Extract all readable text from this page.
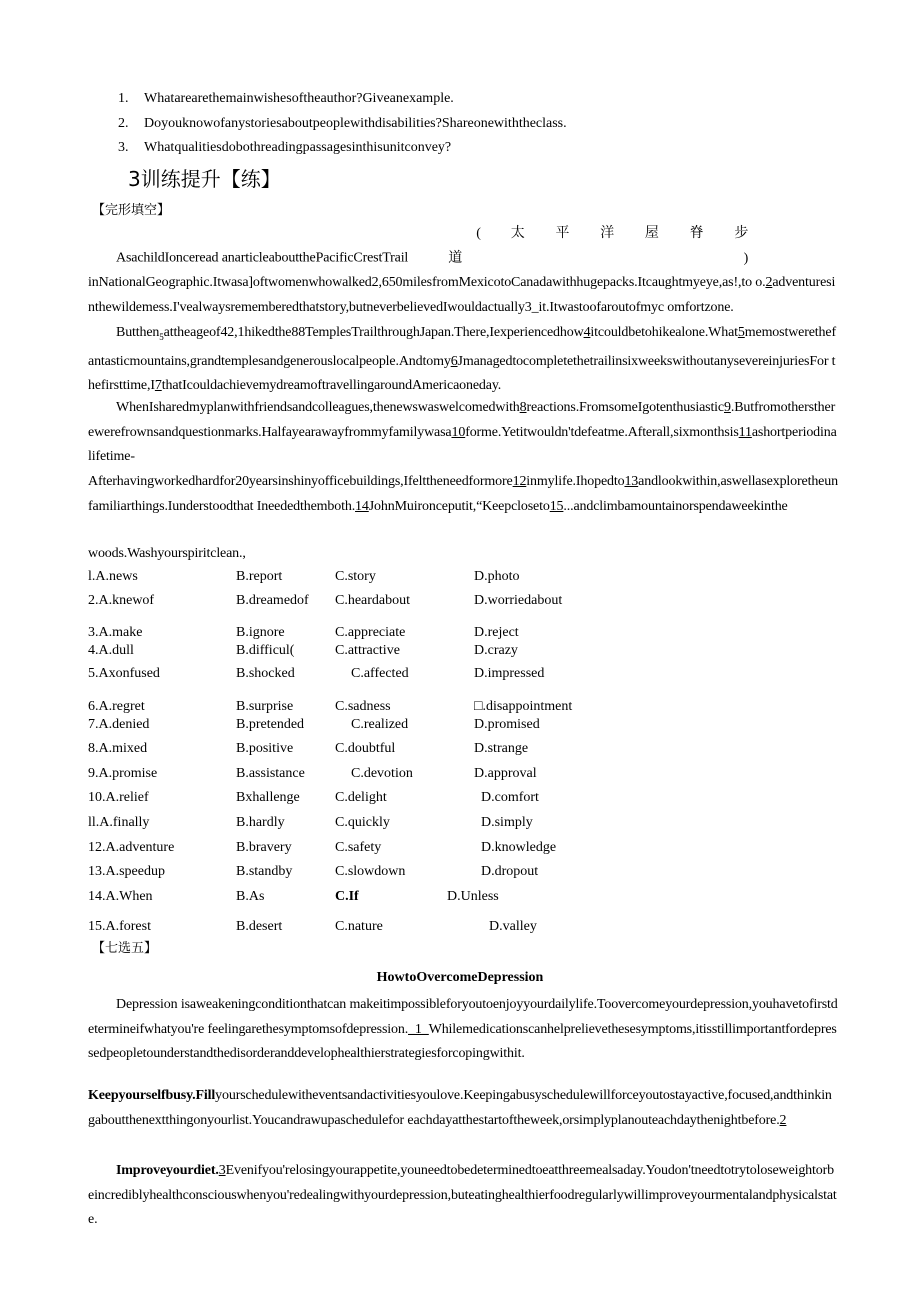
1. Whatarearethemainwishesoftheauthor?Giveanexample.
2. Doyouknowofanystoriesaboutpeoplewithdisabilities?Shareonewiththeclass.
3. Whatqualitiesdobothreadingpassagesinthisunitconvey?
3训练提升【练】
【完形填空】
AsachildIonceread anarticleaboutthePacificCrestTrail( 太 平 洋 屋 脊 步 道 )
inNationalGeographic.Itwasa]oftwomenwhowalked2,650milesfromMexicotoCanadawithhugepacks.Itcaughtmyeye,as!,to o.2adventuresinthewildemess.I'vealwaysrememberedthatstory,butneverbelievedIwouldactually3_it.Itwastoofaroutofmyc omfortzone.
Butthen$_5$attheageof42,1hikedthe88TemplesTrailthroughJapan.There,Iexperiencedhow4itcouldbetohikealone.What5memostwerethefantasticmountains,grandtemplesandgenerouslocalpeople.Andtomy6JmanagedtocompletethetrailinsixweekswithoutanysevereinjuriesFor thefirsttime,I7thatIcouldachievemydreamoftravellingaroundAmericaoneday.
WhenIsharedmyplanwithfriendsandcolleagues,thenewswaswelcomedwith8reactions.FromsomeIgotenthusiastic9.Butfromotherstherewerefrownsandquestionmarks.Halfayearawayfrommyfamilywasa10forme.Yetitwouldn'tdefeatme.Afterall,sixmonthsis11ashortperiodinalifetime-
Afterhavingworkedhardfor20yearsinshinyofficebuildings,Ifelttheneedformore12inmylife.Ihopedto13andlookwithin,aswellasexploretheunfamiliarthings.Iunderstoodthat Ineededthemboth.14JohnMuironceputit,“Keepcloseto15...andclimbamountainorspendaweekinthe
woods.Washyourspiritclean.,
l.A.news	B.report	C.story	D.photo
2.A.knewof	B.dreamedof C.heardabout	D.worriedabout
3.A.make	B.ignore	C.appreciate	D.reject
4.A.dull	B.difficul(	C.attractive	D.crazy
5.Axonfused	B.shocked	C.affected	D.impressed
6.A.regret	B.surprise	C.sadness	□.disappointment
7.A.denied	B.pretended	C.realized	D.promised
8.A.mixed	B.positive	C.doubtful	D.strange
9.A.promise	B.assistance	C.devotion	D.approval
10.A.relief	Bxhallenge	C.delight	D.comfort
ll.A.finally	B.hardly	C.quickly	D.simply
12.A.adventure	B.bravery	C.safety	D.knowledge
13.A.speedup	B.standby	C.slowdown	D.dropout
14.A.When	B.As	C.If	D.Unless
15.A.forest	B.desert	C.nature	D.valley
【七选五】
HowtoOvercomeDepression
Depression isaweakeningconditionthatcan makeitimpossibleforyoutoenjoyyourdailylife.Toovercomeyourdepression,youhavetofirstdetermineifwhatyou're feelingarethesymptomsofdepression._1_Whilemedicationscanhelprelievethesesymptoms,itisstillimportantfordepressedpeopletounderstandthedisorderanddevelophealthierstrategiesforcopingwithit.
Keepyourselfbusy.Fillyourschedulewitheventsandactivitiesyoulove.Keepingabusyschedulewillforceyoutostayactive,focused,andthinkingaboutthenextthingonyourlist.Youcandrawupaschedulefor eachdayatthestartoftheweek,orsimplyplanouteachdaythenightbefore.2
Improveyourdiet.3Evenifyou'relosingyourappetite,youneedtobedeterminedtoeatthreemealsaday.Youdon'tneedtotrytoloseweightorbeincrediblyhealthconsciouswhenyou'redealingwithyourdepression,buteatinghealthierfoodregularlywillimproveyourmentalandphysicalstate.
